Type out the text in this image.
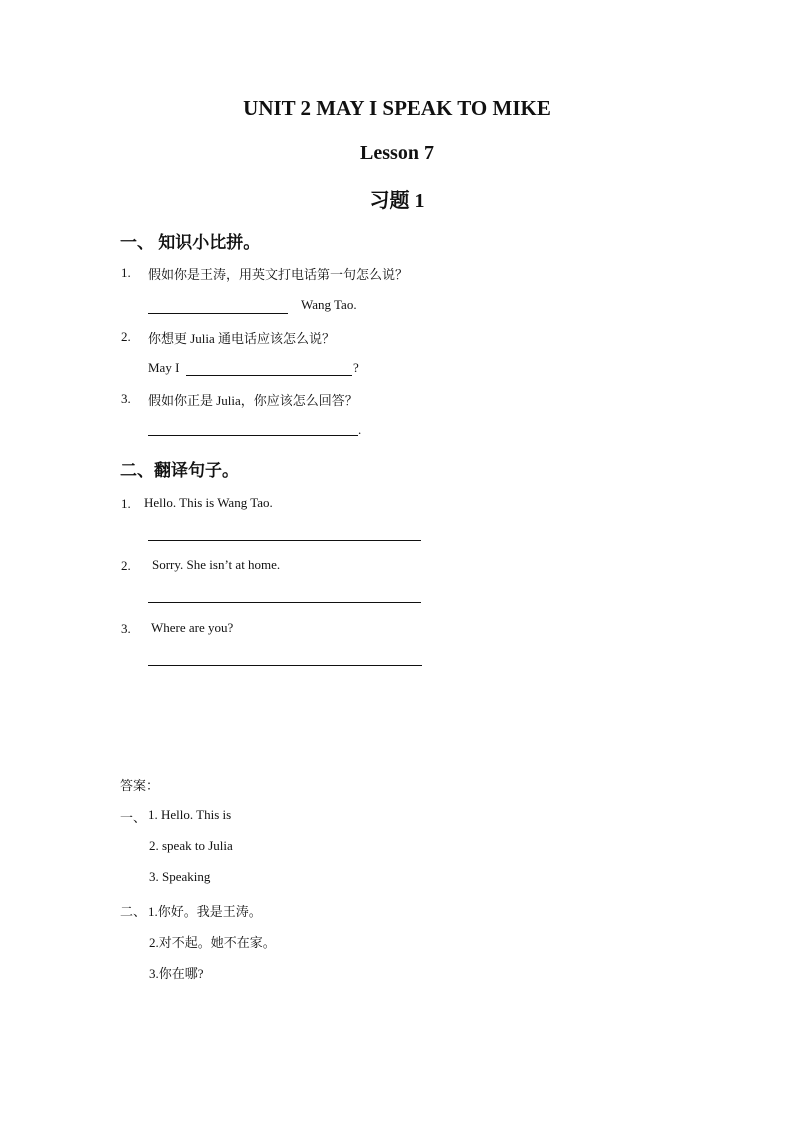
UNIT 2 MAY I SPEAK TO MIKE
Lesson 7
习题 1
一、 知识小比拼。
1. 假如你是王涛，用英文打电话第一句怎么说？
Wang Tao.
2. 你想更 Julia 通电话应该怎么说？
May I	?
3. 假如你正是 Julia，你应该怎么回答？
.
二、翻译句子。
1. Hello. This is Wang Tao.
2. Sorry. She isn’t at home.
3. Where are you?
答案：
一、 1. Hello. This is
2. speak to Julia
3. Speaking
二、 1.你好。我是王涛。
2.对不起。她不在家。
3.你在哪?
